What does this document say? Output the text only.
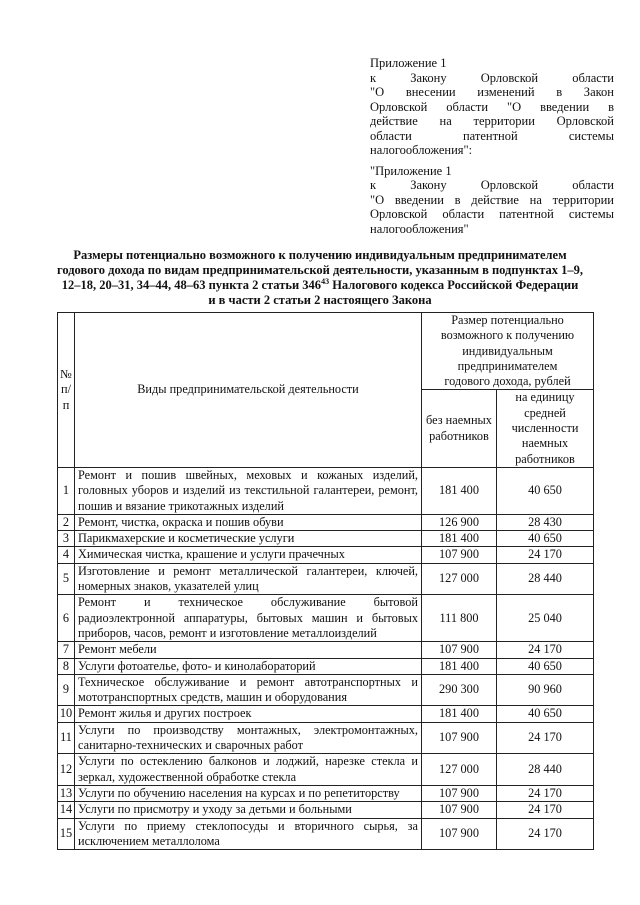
Приложение 1
к Закону Орловской области
"О внесении изменений в Закон
Орловской области "О введении в
действие на территории Орловской
области патентной системы
налогообложения":

"Приложение 1
к Закону Орловской области
"О введении в действие на территории
Орловской области патентной системы
налогообложения"

Размеры потенциально возможного к получению индивидуальным предпринимателем
годового дохода по видам предпринимательской деятельности, указанным в подпунктах 1–9,
12–18, 20–31, 34–44, 48–63 пункта 2 статьи $346^{43}$ Налогового кодекса Российской Федерации
и в части 2 статьи 2 настоящего Закона
№ п/п	Виды предпринимательской деятельности	Размер потенциально возможного к получению индивидуальным предпринимателем годового дохода, рублей	
		без наемных работников	на единицу средней численности наемных работников
1	Ремонт и пошив швейных, меховых и кожаных изделий, головных уборов и изделий из текстильной галантереи, ремонт, пошив и вязание трикотажных изделий	181 400	40 650
2	Ремонт, чистка, окраска и пошив обуви	126 900	28 430
3	Парикмахерские и косметические услуги	181 400	40 650
4	Химическая чистка, крашение и услуги прачечных	107 900	24 170
5	Изготовление и ремонт металлической галантереи, ключей, номерных знаков, указателей улиц	127 000	28 440
6	Ремонт и техническое обслуживание бытовой радиоэлектронной аппаратуры, бытовых машин и бытовых приборов, часов, ремонт и изготовление металлоизделий	111 800	25 040
7	Ремонт мебели	107 900	24 170
8	Услуги фотоателье, фото- и кинолабораторий	181 400	40 650
9	Техническое обслуживание и ремонт автотранспортных и мототранспортных средств, машин и оборудования	290 300	90 960
10	Ремонт жилья и других построек	181 400	40 650
11	Услуги по производству монтажных, электромонтажных, санитарно-технических и сварочных работ	107 900	24 170
12	Услуги по остеклению балконов и лоджий, нарезке стекла и зеркал, художественной обработке стекла	127 000	28 440
13	Услуги по обучению населения на курсах и по репетиторству	107 900	24 170
14	Услуги по присмотру и уходу за детьми и больными	107 900	24 170
15	Услуги по приему стеклопосуды и вторичного сырья, за исключением металлолома	107 900	24 170
